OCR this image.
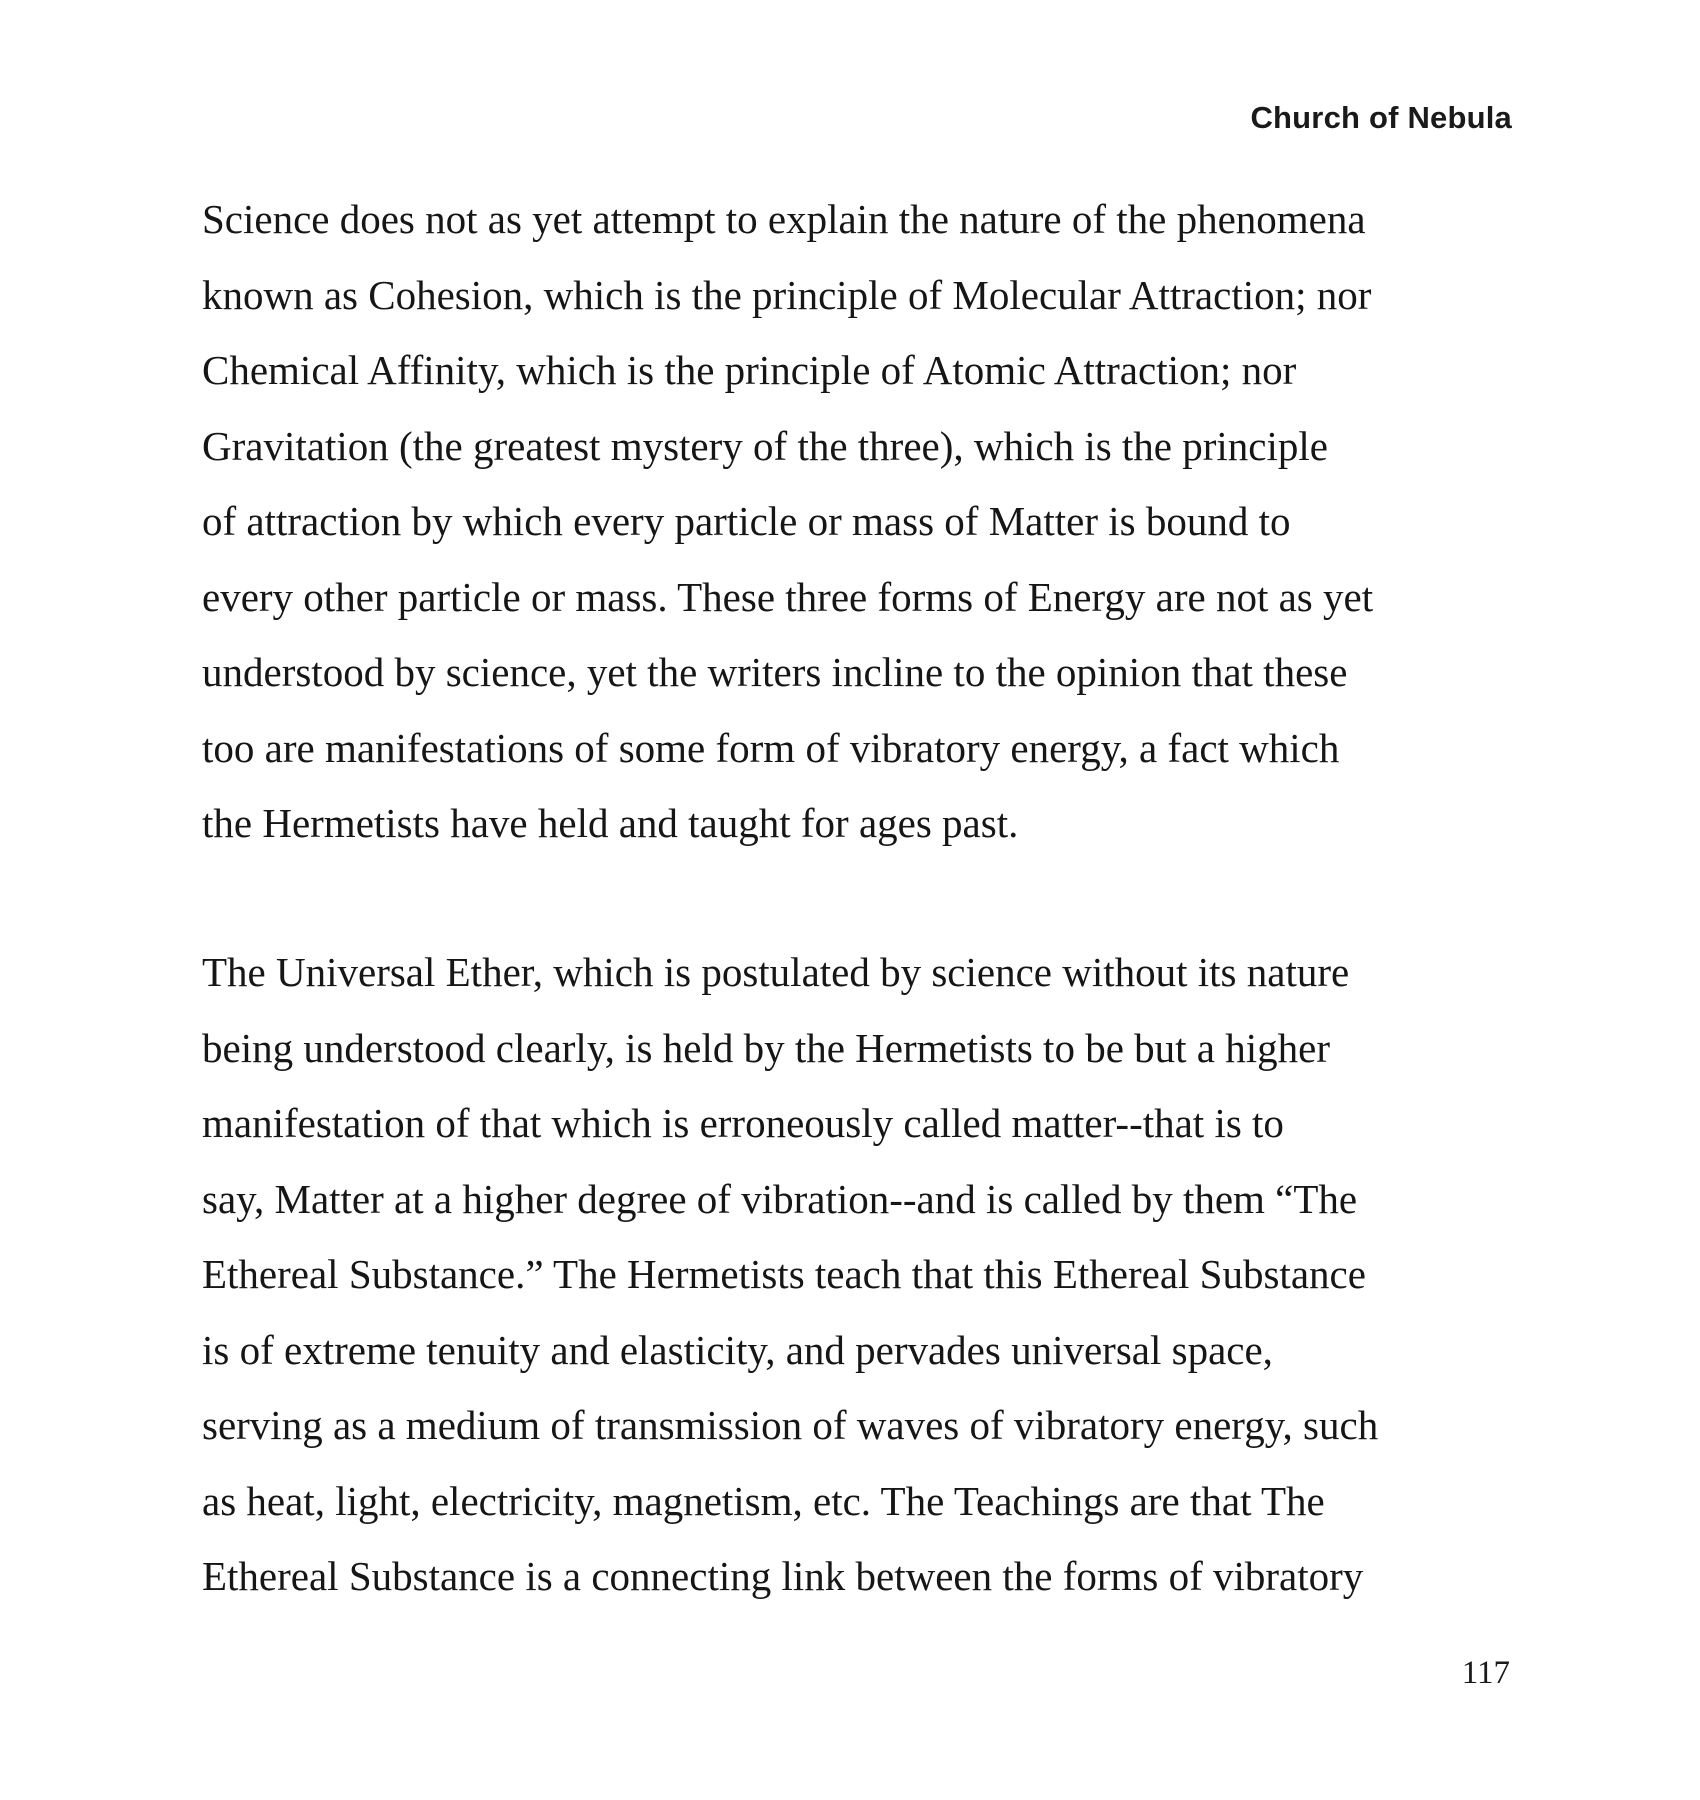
Church of Nebula
Science does not as yet attempt to explain the nature of the phenomena
known as Cohesion, which is the principle of Molecular Attraction; nor
Chemical Affinity, which is the principle of Atomic Attraction; nor
Gravitation (the greatest mystery of the three), which is the principle
of attraction by which every particle or mass of Matter is bound to
every other particle or mass. These three forms of Energy are not as yet
understood by science, yet the writers incline to the opinion that these
too are manifestations of some form of vibratory energy, a fact which
the Hermetists have held and taught for ages past.
The Universal Ether, which is postulated by science without its nature
being understood clearly, is held by the Hermetists to be but a higher
manifestation of that which is erroneously called matter--that is to
say, Matter at a higher degree of vibration--and is called by them “The
Ethereal Substance.” The Hermetists teach that this Ethereal Substance
is of extreme tenuity and elasticity, and pervades universal space,
serving as a medium of transmission of waves of vibratory energy, such
as heat, light, electricity, magnetism, etc. The Teachings are that The
Ethereal Substance is a connecting link between the forms of vibratory
117
